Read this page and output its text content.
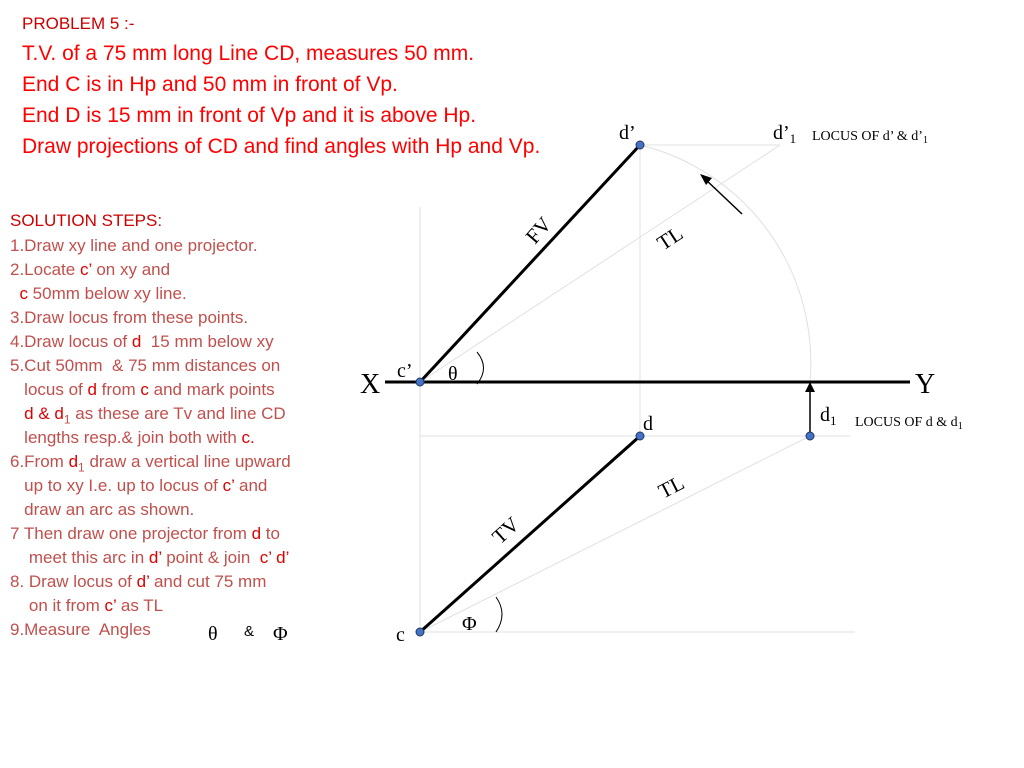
PROBLEM 5 :-
T.V. of a 75 mm long Line CD, measures 50 mm.
End C is in Hp and 50 mm in front of Vp.
End D is 15 mm in front of Vp and it is above Hp.
Draw projections of CD and find angles with Hp and Vp.
SOLUTION STEPS:
1.Draw xy line and one projector.
2.Locate c’ on xy and
c 50mm below xy line.
3.Draw locus from these points.
4.Draw locus of d  15 mm below xy
5.Cut 50mm  & 75 mm distances on
locus of d from c and mark points
d & $d_1$ as these are Tv and line CD
lengths resp.& join both with c.
6.From $d_1$ draw a vertical line upward
up to xy I.e. up to locus of c’ and
draw an arc as shown.
7 Then draw one projector from d to
meet this arc in d’ point & join  c’ d’
8. Draw locus of d’ and cut 75 mm
on it from c’ as TL
9.Measure  Angles
X	Y
c’
c
d
d’
$d_1$
$d’_1$ LOCUS OF d’ & $d’_1$
LOCUS OF d & $d_1$
FV
TV
TL
TL
θ
Φ
θ & Φ
